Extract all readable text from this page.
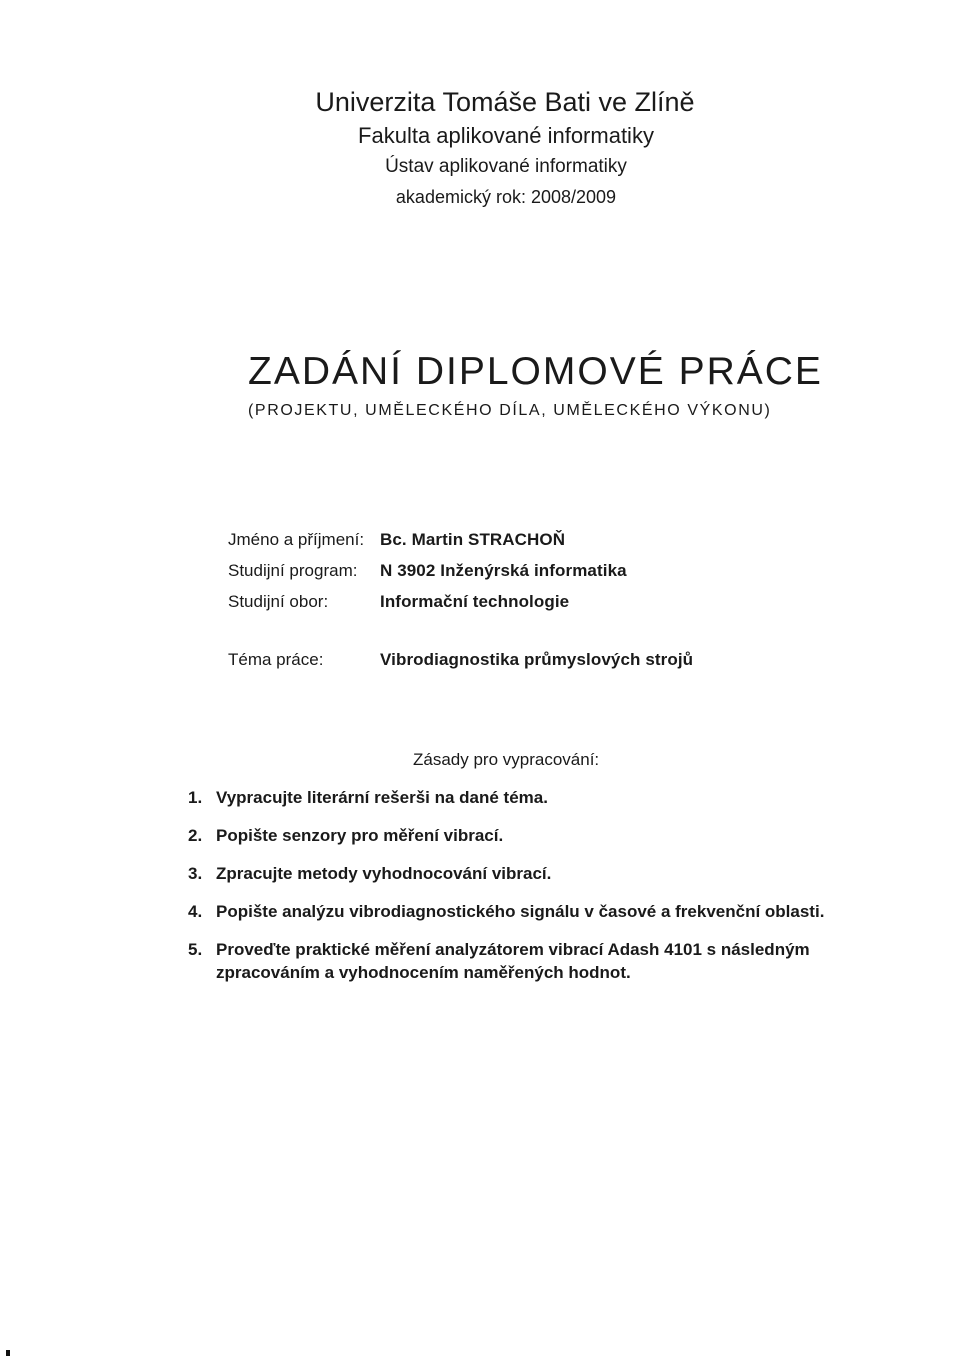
Univerzita Tomáše Bati ve Zlíně
Fakulta aplikované informatiky
Ústav aplikované informatiky
akademický rok: 2008/2009
ZADÁNÍ DIPLOMOVÉ PRÁCE
(PROJEKTU, UMĚLECKÉHO DÍLA, UMĚLECKÉHO VÝKONU)
Jméno a příjmení: Bc. Martin STRACHOŇ
Studijní program: N 3902 Inženýrská informatika
Studijní obor:	Informační technologie
Téma práce:	Vibrodiagnostika průmyslových strojů
Zásady pro vypracování:
1. Vypracujte literární rešerši na dané téma.
2. Popište senzory pro měření vibrací.
3. Zpracujte metody vyhodnocování vibrací.
4. Popište analýzu vibrodiagnostického signálu v časové a frekvenční oblasti.
5. Proveďte praktické měření analyzátorem vibrací Adash 4101 s následným zpracováním a vyhodnocením naměřených hodnot.
